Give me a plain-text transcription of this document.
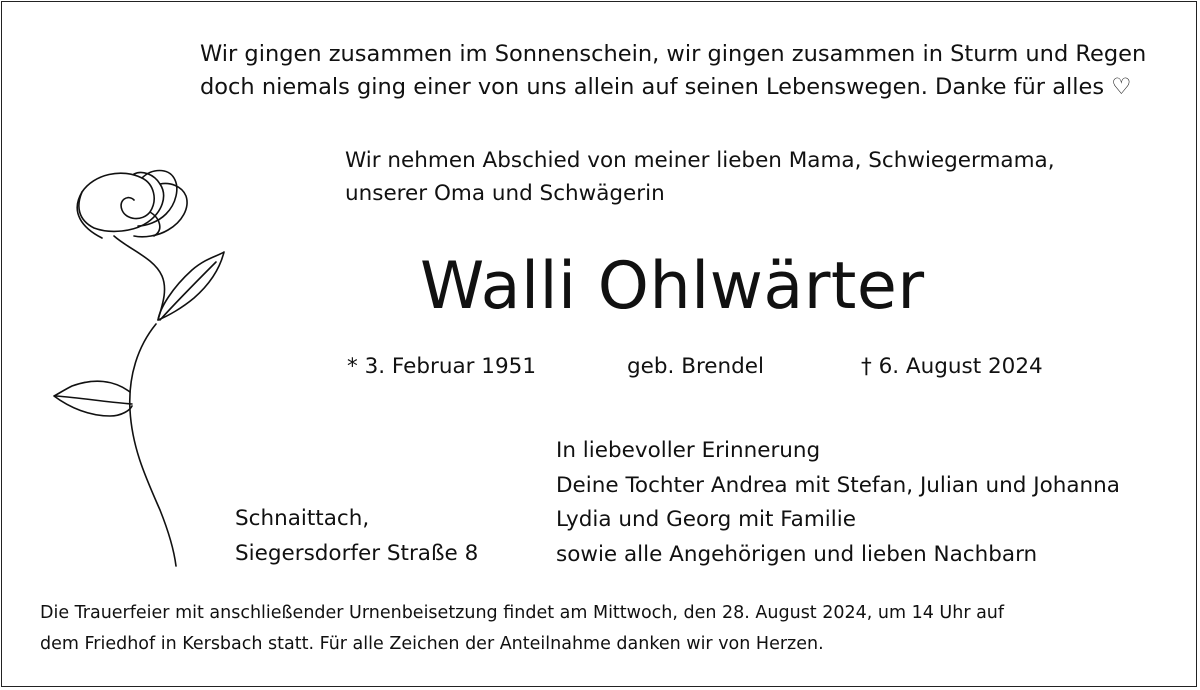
Wir gingen zusammen im Sonnenschein, wir gingen zusammen in Sturm und Regen
doch niemals ging einer von uns allein auf seinen Lebenswegen. Danke für alles ♡
Wir nehmen Abschied von meiner lieben Mama, Schwiegermama,
unserer Oma und Schwägerin
Walli Ohlwärter
* 3. Februar 1951	geb. Brendel	† 6. August 2024
In liebevoller Erinnerung
Deine Tochter Andrea mit Stefan, Julian und Johanna
Lydia und Georg mit Familie
sowie alle Angehörigen und lieben Nachbarn
Schnaittach,
Siegersdorfer Straße 8
Die Trauerfeier mit anschließender Urnenbeisetzung findet am Mittwoch, den 28. August 2024, um 14 Uhr auf
dem Friedhof in Kersbach statt. Für alle Zeichen der Anteilnahme danken wir von Herzen.
